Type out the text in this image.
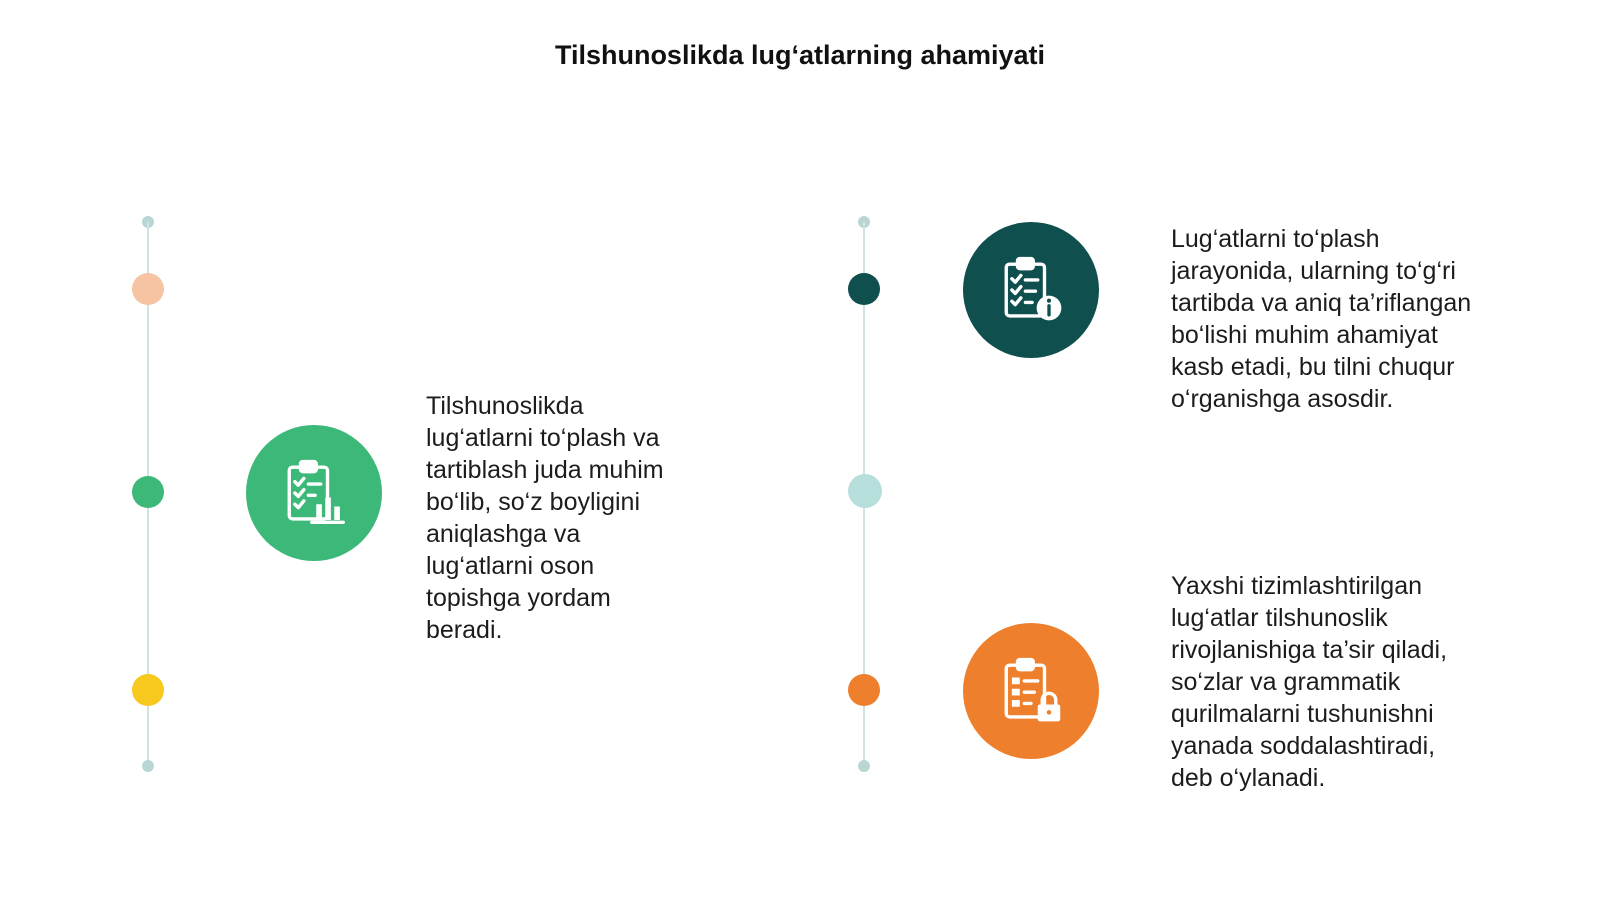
Tilshunoslikda lug‘atlarning ahamiyati
Tilshunoslikda
lug‘atlarni to‘plash va
tartiblash juda muhim
bo‘lib, so‘z boyligini
aniqlashga va
lug‘atlarni oson
topishga yordam
beradi.
Lug‘atlarni to‘plash
jarayonida, ularning to‘g‘ri
tartibda va aniq ta’riflangan
bo‘lishi muhim ahamiyat
kasb etadi, bu tilni chuqur
o‘rganishga asosdir.
Yaxshi tizimlashtirilgan
lug‘atlar tilshunoslik
rivojlanishiga ta’sir qiladi,
so‘zlar va grammatik
qurilmalarni tushunishni
yanada soddalashtiradi,
deb o‘ylanadi.
